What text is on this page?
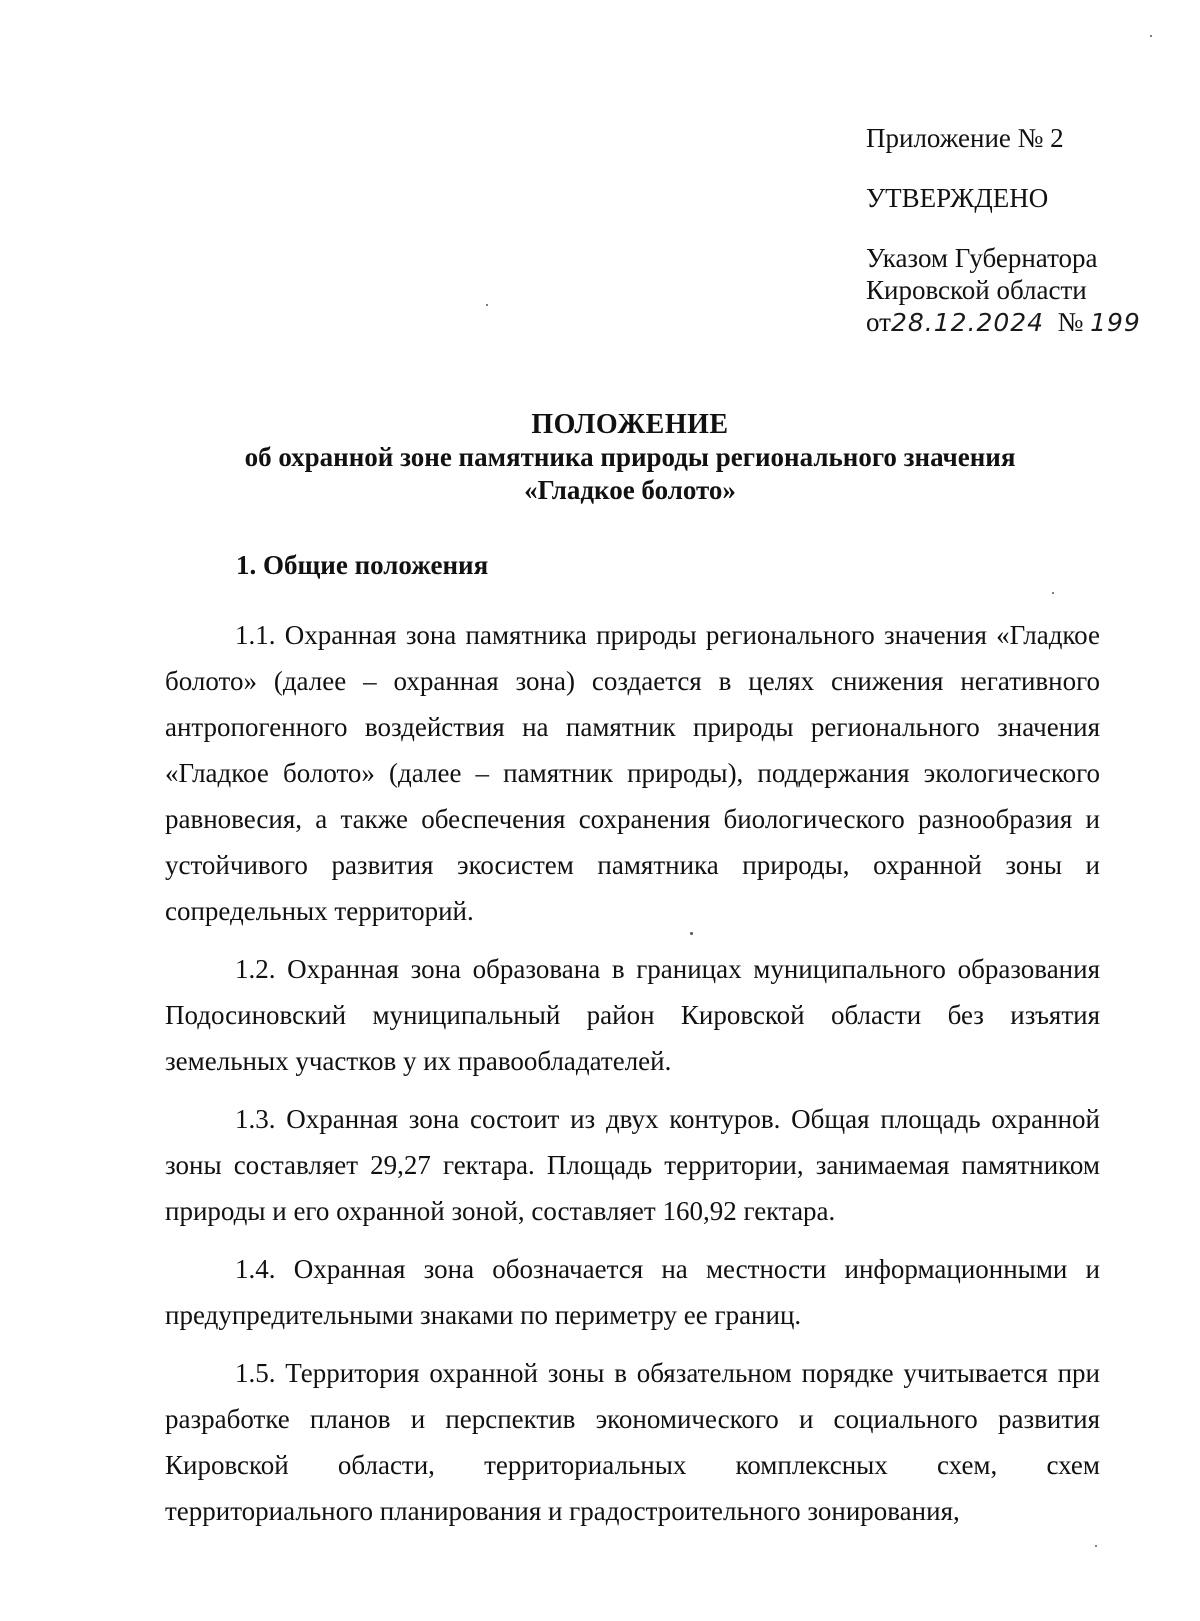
Приложение № 2
УТВЕРЖДЕНО
Указом Губернатора
Кировской области
от28.12.2024 № 199
ПОЛОЖЕНИЕ
об охранной зоне памятника природы регионального значения
«Гладкое болото»
1. Общие положения

1.1. Охранная зона памятника природы регионального значения «Гладкое болото» (далее – охранная зона) создается в целях снижения негативного антропогенного воздействия на памятник природы регионального значения «Гладкое болото» (далее – памятник природы), поддержания экологического равновесия, а также обеспечения сохранения биологического разнообразия и устойчивого развития экосистем памятника природы, охранной зоны и сопредельных территорий.

1.2. Охранная зона образована в границах муниципального образования Подосиновский муниципальный район Кировской области без изъятия земельных участков у их правообладателей.

1.3. Охранная зона состоит из двух контуров. Общая площадь охранной зоны составляет 29,27 гектара. Площадь территории, занимаемая памятником природы и его охранной зоной, составляет 160,92 гектара.

1.4. Охранная зона обозначается на местности информационными и предупредительными знаками по периметру ее границ.

1.5. Территория охранной зоны в обязательном порядке учитывается при разработке планов и перспектив экономического и социального развития Кировской области, территориальных комплексных схем, схем территориального планирования и градостроительного зонирования,
